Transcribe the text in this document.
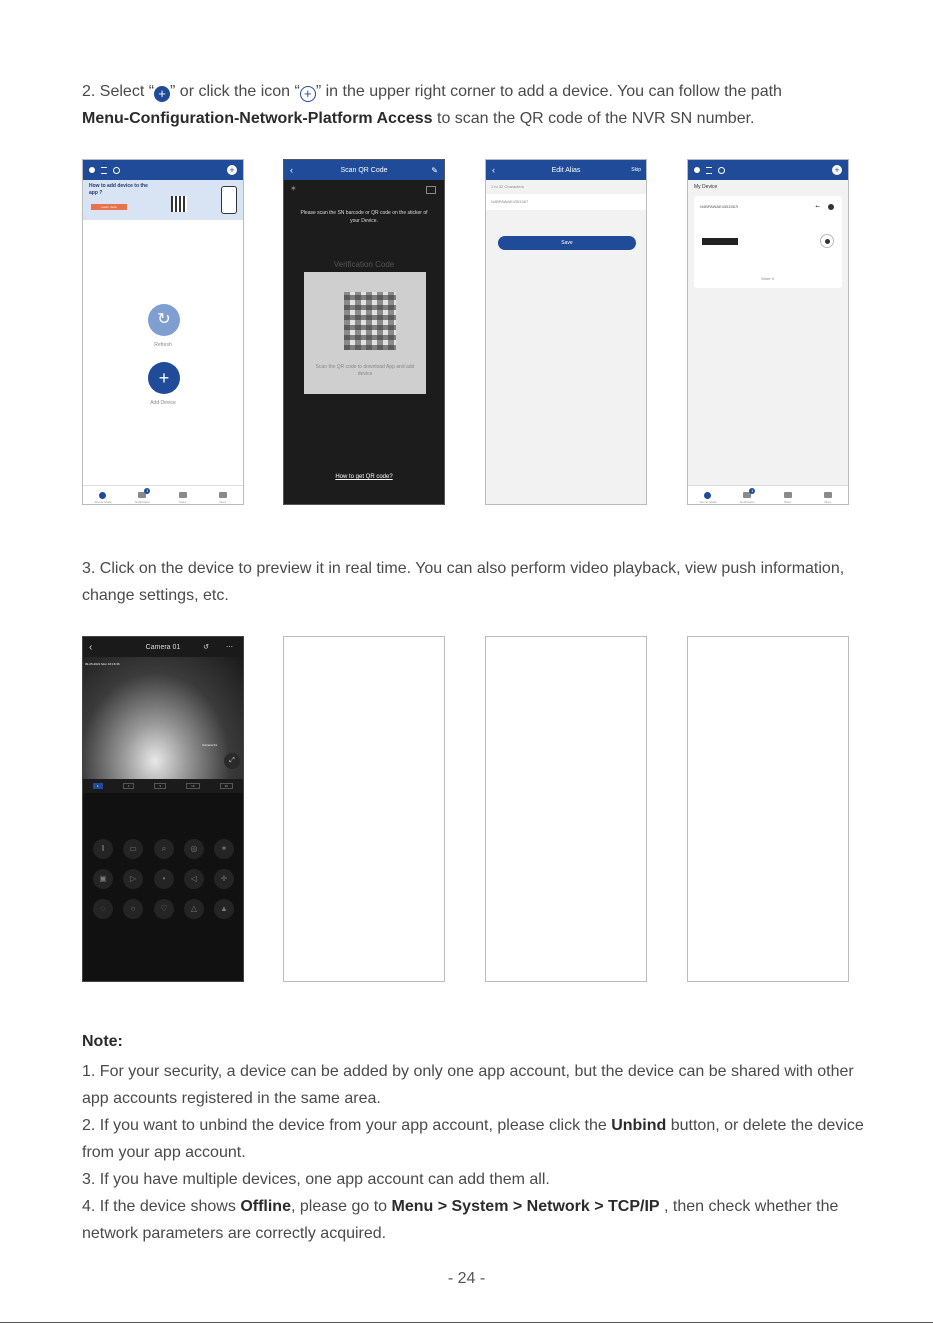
2. Select “ + ” or click the icon “ + ” in the upper right corner to add a device. You can follow the path
Menu-Configuration-Network-Platform Access to scan the QR code of the NVR SN number.
+
How to add device to the app ?
Learn more
↻
Refresh
+
Add Device
Server Mode	Notification
1
Store	More
‹	Scan QR Code	✎
✶
Please scan the SN barcode or QR code on the sticker of your Device.
Verification Code
Scan the QR code to download App and add device
How to get QR code?
‹	Edit Alias	Skip
1 to 32 Characters
N4BPAWAE4351567
Save
+
My Device
N4BPAWAE4351567I	⭠
More ∨
Server Mode	Notification
1
Store	More
3. Click on the device to preview it in real time. You can also perform video playback, view push information, change settings, etc.
‹	Camera 01	↺ ⋯
09-25-2021 Mon 16:16:36
Camera 01
⤢
1	4	9	16	36
‖	▭	⌕	◎	✶
▣	▷	•	◁	✛
◌	○	♡	△	▲
Note:
1. For your security, a device can be added by only one app account, but the device can be shared with other app accounts registered in the same area.
2. If you want to unbind the device from your app account, please click the Unbind button, or delete the device from your app account.
3. If you have multiple devices, one app account can add them all.
4. If the device shows Offline, please go to Menu > System > Network > TCP/IP , then check whether the network parameters are correctly acquired.
- 24 -
